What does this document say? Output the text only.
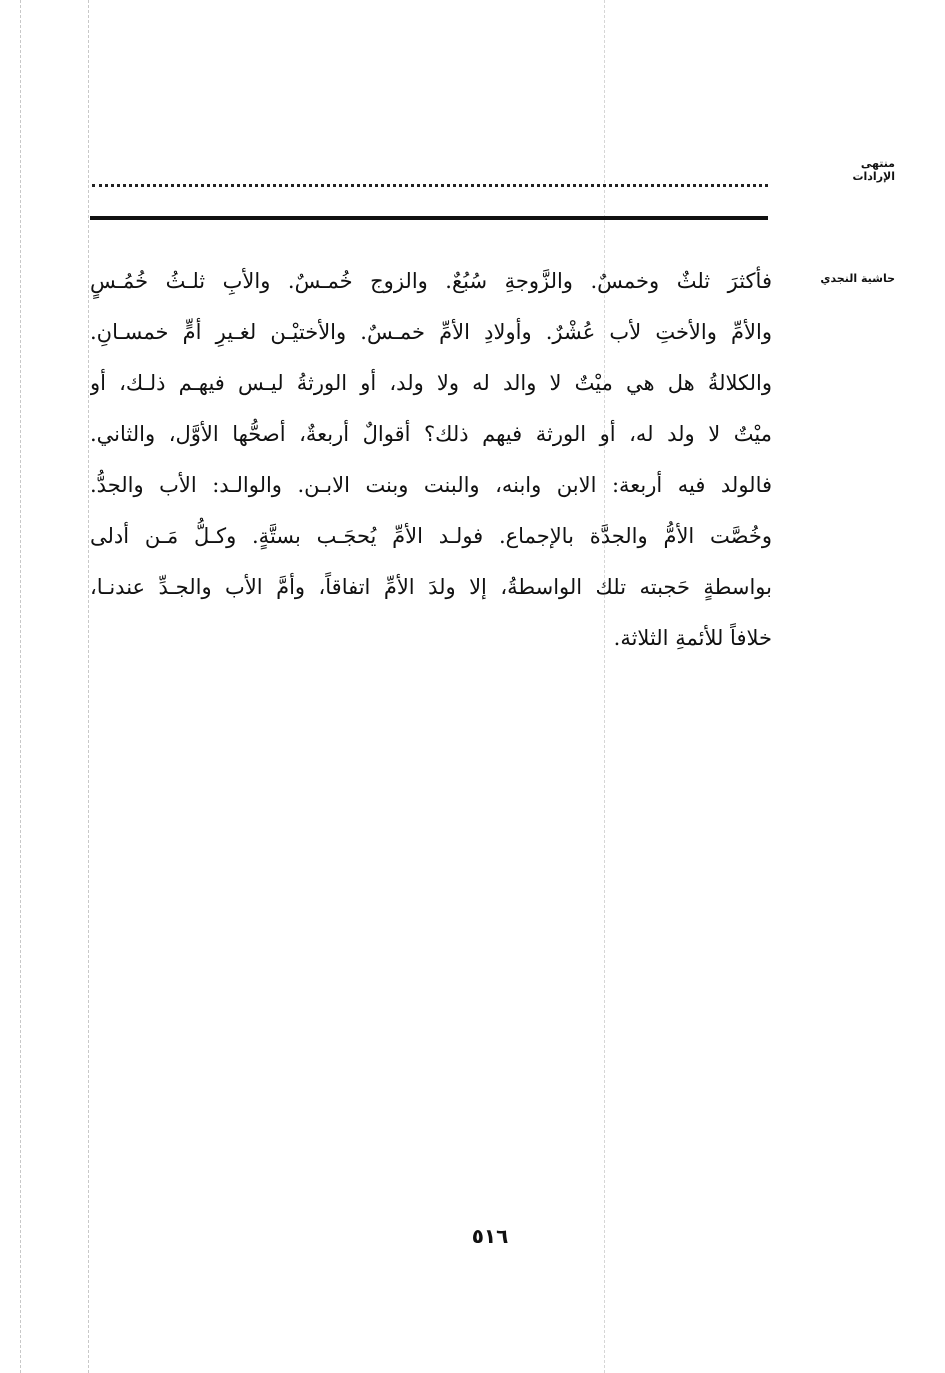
منتهى الإرادات
حاشية النجدي
فأكثرَ ثلثٌ وخمسٌ. والزَّوجةِ سُبُعٌ. والزوج خُمـسٌ. والأبِ ثلـثُ خُمُـسٍ
والأمِّ والأختِ لأب عُشْرٌ. وأولادِ الأمِّ خمـسٌ. والأختيْـن لغـيرِ أمٍّ خمسـانِ.
والكلالةُ هل هي ميْتٌ لا والد له ولا ولد، أو الورثةُ ليـس فيهـم ذلـك، أو
ميْتٌ لا ولد له، أو الورثة فيهم ذلك؟ أقوالٌ أربعةٌ، أصحُّها الأوَّل، والثاني.
فالولد فيه أربعة: الابن وابنه، والبنت وبنت الابـن. والوالـد: الأب والجدُّ.
وخُصَّت الأمُّ والجدَّة بالإجماع. فولـد الأمِّ يُحجَـب بستَّةٍ. وكـلُّ مَـن أدلى
بواسطةٍ حَجبته تلك الواسطةُ، إلا ولدَ الأمِّ اتفاقاً، وأمَّ الأب والجـدِّ عندنـا،
خلافاً للأئمةِ الثلاثة.
٥١٦
